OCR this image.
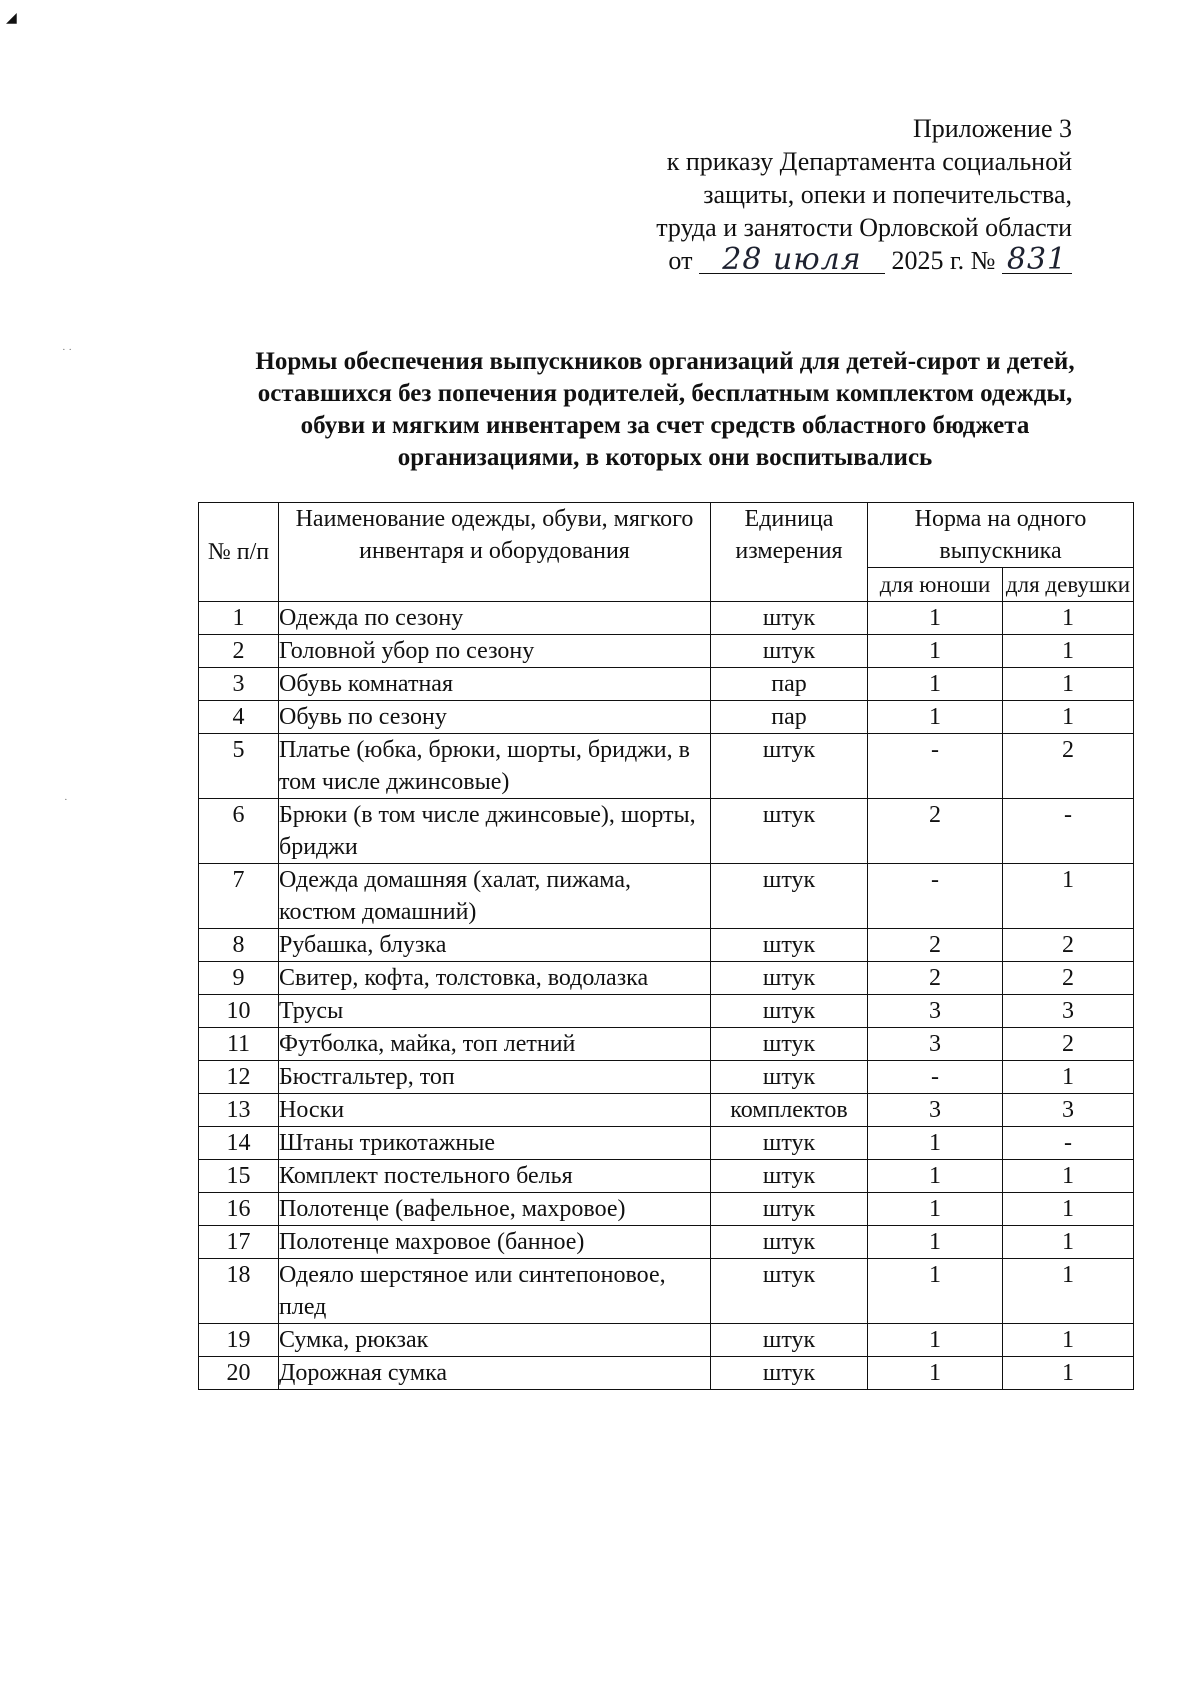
◢
· ·
·
Приложение 3
к приказу Департамента социальной
защиты, опеки и попечительства,
труда и занятости Орловской области
от 28 июля 2025 г. № 831
Нормы обеспечения выпускников организаций для детей-сирот и детей,
оставшихся без попечения родителей, бесплатным комплектом одежды,
обуви и мягким инвентарем за счет средств областного бюджета
организациями, в которых они воспитывались
№ п/п	Наименование одежды, обуви, мягкого инвентаря и оборудования	Единица измерения	Норма на одного выпускника	
			для юноши	для девушки
1	Одежда по сезону	штук	1	1
2	Головной убор по сезону	штук	1	1
3	Обувь комнатная	пар	1	1
4	Обувь по сезону	пар	1	1
5	Платье (юбка, брюки, шорты, бриджи, в том числе джинсовые)	штук	-	2
6	Брюки (в том числе джинсовые), шорты, бриджи	штук	2	-
7	Одежда домашняя (халат, пижама, костюм домашний)	штук	-	1
8	Рубашка, блузка	штук	2	2
9	Свитер, кофта, толстовка, водолазка	штук	2	2
10	Трусы	штук	3	3
11	Футболка, майка, топ летний	штук	3	2
12	Бюстгальтер, топ	штук	-	1
13	Носки	комплектов	3	3
14	Штаны трикотажные	штук	1	-
15	Комплект постельного белья	штук	1	1
16	Полотенце (вафельное, махровое)	штук	1	1
17	Полотенце махровое (банное)	штук	1	1
18	Одеяло шерстяное или синтепоновое, плед	штук	1	1
19	Сумка, рюкзак	штук	1	1
20	Дорожная сумка	штук	1	1
